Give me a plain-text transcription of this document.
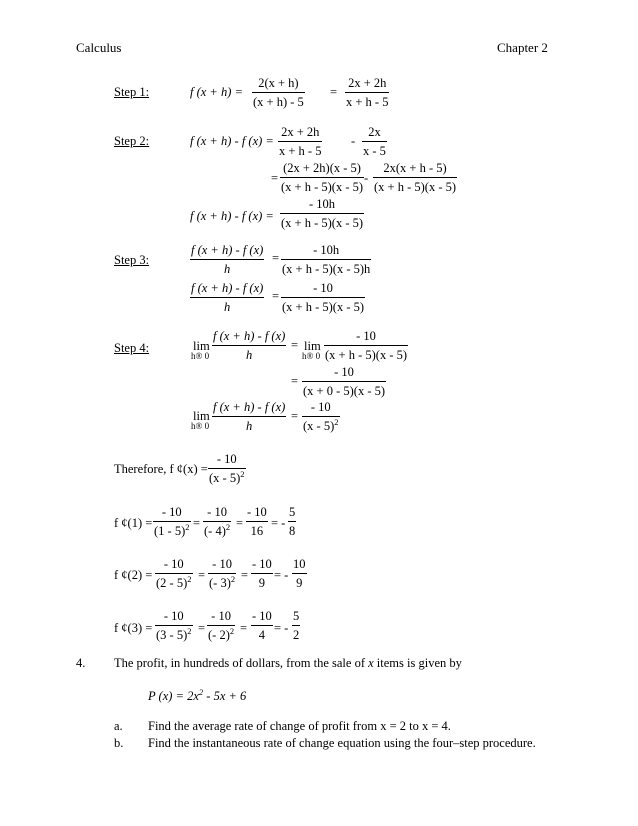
Calculus	Chapter 2
Step 1:	f (x + h) =
2(x + h)
(x + h) - 5
=
2x + 2h
x + h - 5
Step 2:	f (x + h) - f (x) =
2x + 2h
x + h - 5
-
2x
x - 5
=
(2x + 2h)(x - 5)
(x + h - 5)(x - 5)
-
2x(x + h - 5)
(x + h - 5)(x - 5)
f (x + h) - f (x) =
- 10h
(x + h - 5)(x - 5)
Step 3:
f (x + h) - f (x)
h
=
- 10h
(x + h - 5)(x - 5)h
f (x + h) - f (x)
h
=
- 10
(x + h - 5)(x - 5)
Step 4:	lim
h® 0
f (x + h) - f (x)
h
= lim
h® 0
- 10
(x + h - 5)(x - 5)
=
- 10
(x + 0 - 5)(x - 5)
lim
h® 0
f (x + h) - f (x)
h
=
- 10
(x - 5)$^2$
Therefore, f ¢(x) =
- 10
(x - 5)$^2$
f ¢(1) =
- 10
(1 - 5)$^2$ =
- 10
(- 4)$^2$ =
- 10
16
= -
5
8
f ¢(2) =
- 10
(2 - 5)$^2$ =
- 10
(- 3)$^2$ =
- 10
9
= -
10
9
f ¢(3) =
- 10
(3 - 5)$^2$ =
- 10
(- 2)$^2$ =
- 10
4 = -
5
2
4. The profit, in hundreds of dollars, from the sale of x items is given by
P $(x) = 2x^2 - 5x + 6$
a. Find the average rate of change of profit from x = 2 to x = 4.
b. Find the instantaneous rate of change equation using the four–step procedure.
